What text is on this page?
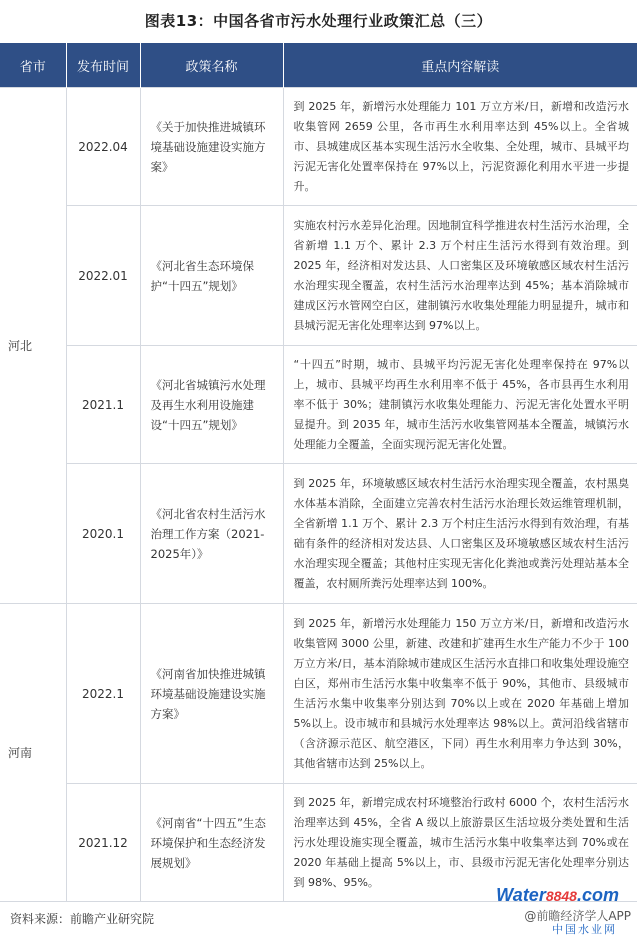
图表13：中国各省市污水处理行业政策汇总（三）
省市	发布时间	政策名称	重点内容解读
河北	2022.04	《关于加快推进城镇环境基础设施建设实施方案》	到 2025 年，新增污水处理能力 101 万立方米/日，新增和改造污水收集管网 2659 公里，各市再生水利用率达到 45%以上。全省城市、县城建成区基本实现生活污水全收集、全处理，城市、县城平均污泥无害化处置率保持在 97%以上，污泥资源化利用水平进一步提升。
	2022.01	《河北省生态环境保护“十四五”规划》	实施农村污水差异化治理。因地制宜科学推进农村生活污水治理，全省新增 1.1 万个、累计 2.3 万个村庄生活污水得到有效治理。到 2025 年，经济相对发达县、人口密集区及环境敏感区域农村生活污水治理实现全覆盖，农村生活污水治理率达到 45%；基本消除城市建成区污水管网空白区，建制镇污水收集处理能力明显提升，城市和县城污泥无害化处理率达到 97%以上。
	2021.1	《河北省城镇污水处理及再生水利用设施建设“十四五”规划》	“十四五”时期，城市、县城平均污泥无害化处理率保持在 97%以上，城市、县城平均再生水利用率不低于 45%，各市县再生水利用率不低于 30%；建制镇污水收集处理能力、污泥无害化处置水平明显提升。到 2035 年，城市生活污水收集管网基本全覆盖，城镇污水处理能力全覆盖，全面实现污泥无害化处置。
	2020.1	《河北省农村生活污水治理工作方案（2021-2025年）》	到 2025 年，环境敏感区域农村生活污水治理实现全覆盖，农村黑臭水体基本消除，全面建立完善农村生活污水治理长效运维管理机制，全省新增 1.1 万个、累计 2.3 万个村庄生活污水得到有效治理，有基础有条件的经济相对发达县、人口密集区及环境敏感区域农村生活污水治理实现全覆盖；其他村庄实现无害化化粪池或粪污处理站基本全覆盖，农村厕所粪污处理率达到 100%。
河南	2022.1	《河南省加快推进城镇环境基础设施建设实施方案》	到 2025 年，新增污水处理能力 150 万立方米/日，新增和改造污水收集管网 3000 公里，新建、改建和扩建再生水生产能力不少于 100 万立方米/日，基本消除城市建成区生活污水直排口和收集处理设施空白区，郑州市生活污水集中收集率不低于 90%，其他市、县级城市生活污水集中收集率分别达到 70%以上或在 2020 年基础上增加 5%以上。设市城市和县城污水处理率达 98%以上。黄河沿线省辖市（含济源示范区、航空港区，下同）再生水利用率力争达到 30%，其他省辖市达到 25%以上。
	2021.12	《河南省“十四五”生态环境保护和生态经济发展规划》	到 2025 年，新增完成农村环境整治行政村 6000 个，农村生活污水治理率达到 45%，全省 A 级以上旅游景区生活垃圾分类处置和生活污水处理设施实现全覆盖，城市生活污水集中收集率达到 70%或在 2020 年基础上提高 5%以上，市、县级市污泥无害化处理率分别达到 98%、95%。
资料来源：前瞻产业研究院
Water8848.com
@前瞻经济学人APP
中国水业网
